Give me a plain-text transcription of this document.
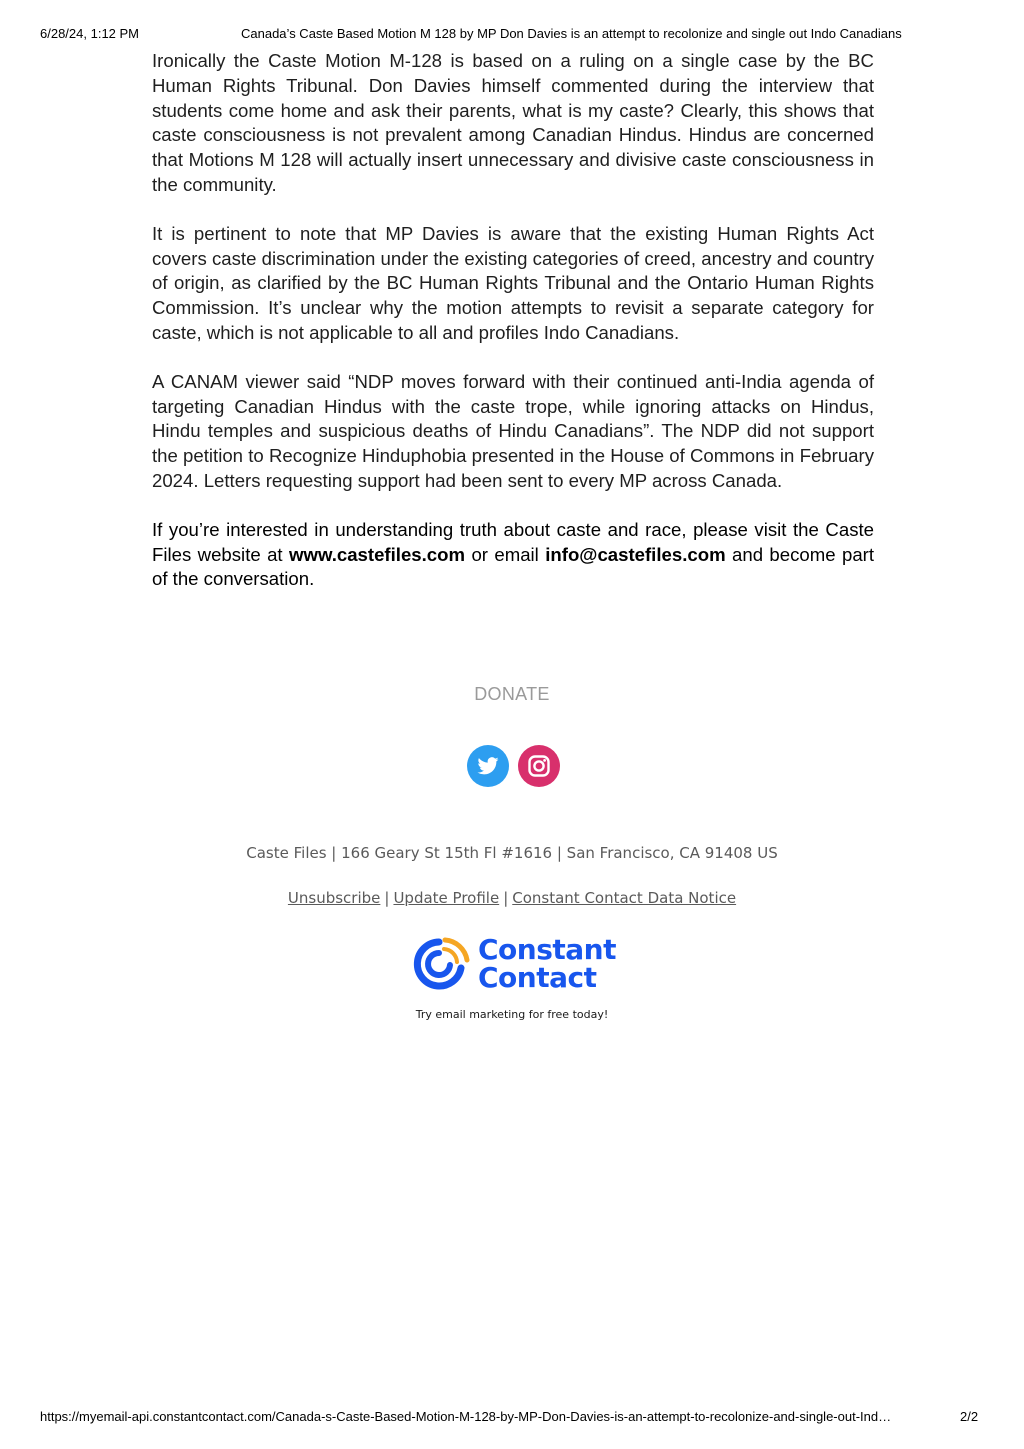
6/28/24, 1:12 PM	Canada’s Caste Based Motion M 128 by MP Don Davies is an attempt to recolonize and single out Indo Canadians

Ironically the Caste Motion M-128 is based on a ruling on a single case by the BC Human Rights Tribunal. Don Davies himself commented during the interview that students come home and ask their parents, what is my caste? Clearly, this shows that caste consciousness is not prevalent among Canadian Hindus. Hindus are concerned that Motions M 128 will actually insert unnecessary and divisive caste consciousness in the community.

It is pertinent to note that MP Davies is aware that the existing Human Rights Act covers caste discrimination under the existing categories of creed, ancestry and country of origin, as clarified by the BC Human Rights Tribunal and the Ontario Human Rights Commission. It’s unclear why the motion attempts to revisit a separate category for caste, which is not applicable to all and profiles Indo Canadians.

A CANAM viewer said “NDP moves forward with their continued anti-India agenda of targeting Canadian Hindus with the caste trope, while ignoring attacks on Hindus, Hindu temples and suspicious deaths of Hindu Canadians”. The NDP did not support the petition to Recognize Hinduphobia presented in the House of Commons in February 2024. Letters requesting support had been sent to every MP across Canada.

If you’re interested in understanding truth about caste and race, please visit the Caste Files website at www.castefiles.com or email info@castefiles.com and become part of the conversation.

DONATE
Caste Files | 166 Geary St 15th Fl #1616 | San Francisco, CA 91408 US
Unsubscribe | Update Profile | Constant Contact Data Notice
Constant
Contact
Try email marketing for free today!
https://myemail-api.constantcontact.com/Canada-s-Caste-Based-Motion-M-128-by-MP-Don-Davies-is-an-attempt-to-recolonize-and-single-out-Ind…	2/2
